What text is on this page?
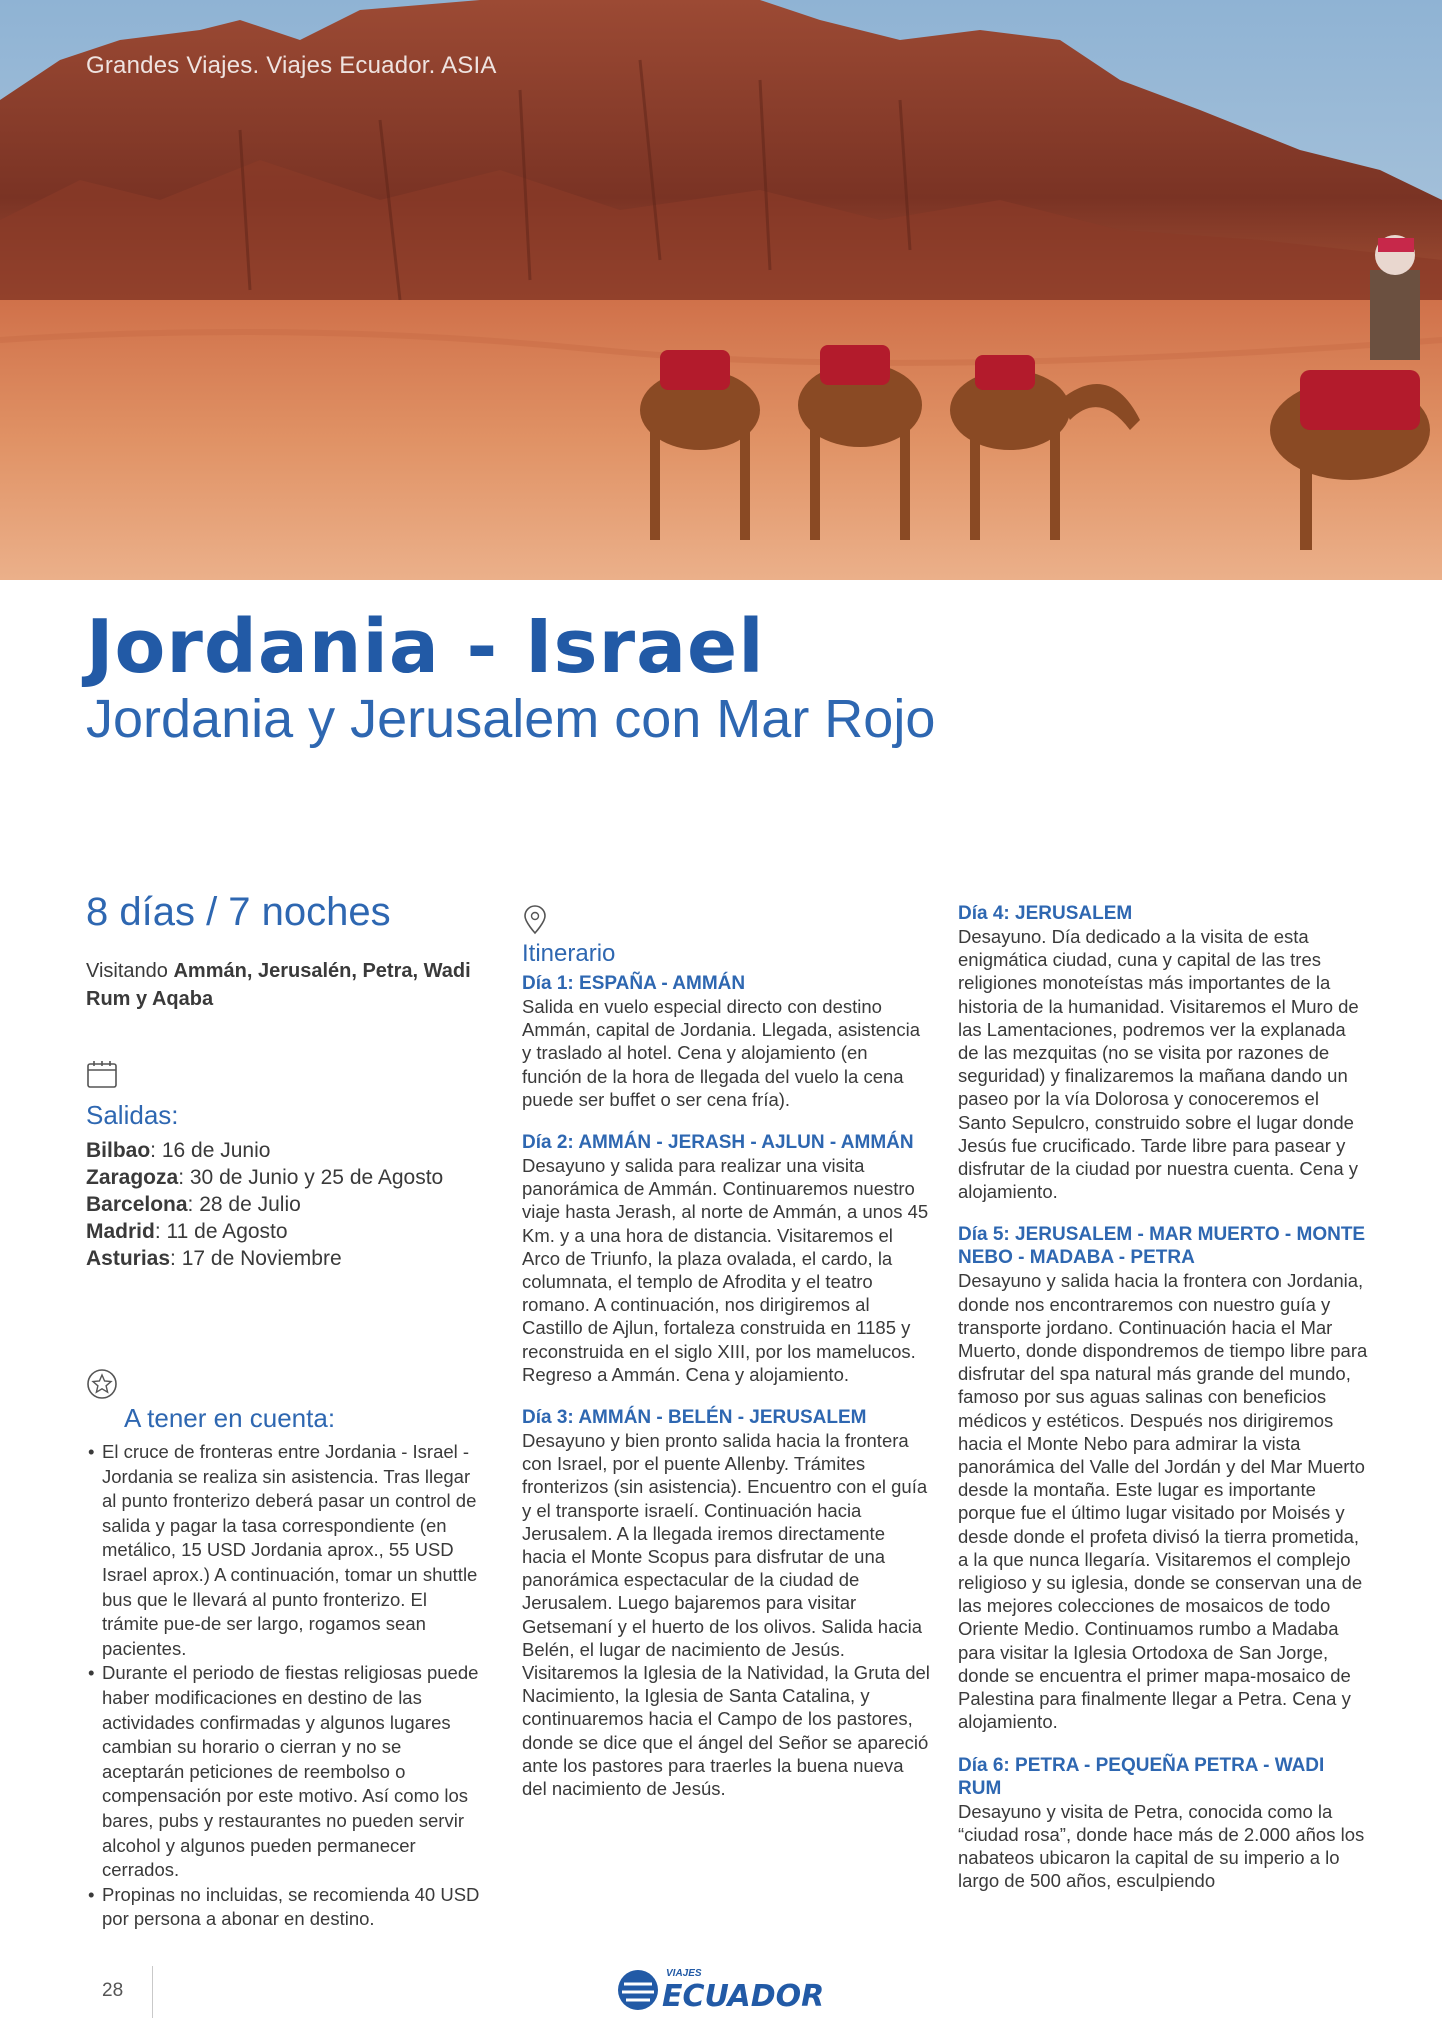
Grandes Viajes. Viajes Ecuador. ASIA
Jordania - Israel
Jordania y Jerusalem con Mar Rojo

8 días / 7 noches

Visitando Ammán, Jerusalén, Petra, Wadi Rum y Aqaba

Salidas:
Bilbao: 16 de Junio
Zaragoza: 30 de Junio y 25 de Agosto
Barcelona: 28 de Julio
Madrid: 11 de Agosto
Asturias: 17 de Noviembre
A tener en cuenta:
• El cruce de fronteras entre Jordania - Israel - Jordania se realiza sin asistencia. Tras llegar al punto fronterizo deberá pasar un control de salida y pagar la tasa correspondiente (en metálico, 15 USD Jordania aprox., 55 USD Israel aprox.) A continuación, tomar un shuttle bus que le llevará al punto fronterizo. El trámite pue-de ser largo, rogamos sean pacientes.
• Durante el periodo de fiestas religiosas puede haber modificaciones en destino de las actividades confirmadas y algunos lugares cambian su horario o cierran y no se aceptarán peticiones de reembolso o compensación por este motivo. Así como los bares, pubs y restaurantes no pueden servir alcohol y algunos pueden permanecer cerrados.
• Propinas no incluidas, se recomienda 40 USD por persona a abonar en destino.
Itinerario
Día 1: ESPAÑA - AMMÁN

Salida en vuelo especial directo con destino Ammán, capital de Jordania. Llegada, asistencia y traslado al hotel. Cena y alojamiento (en función de la hora de llegada del vuelo la cena puede ser buffet o ser cena fría).

Día 2: AMMÁN - JERASH - AJLUN - AMMÁN

Desayuno y salida para realizar una visita panorámica de Ammán. Continuaremos nuestro viaje hasta Jerash, al norte de Ammán, a unos 45 Km. y a una hora de distancia. Visitaremos el Arco de Triunfo, la plaza ovalada, el cardo, la columnata, el templo de Afrodita y el teatro romano. A continuación, nos dirigiremos al Castillo de Ajlun, fortaleza construida en 1185 y reconstruida en el siglo XIII, por los mamelucos. Regreso a Ammán. Cena y alojamiento.

Día 3: AMMÁN - BELÉN - JERUSALEM

Desayuno y bien pronto salida hacia la frontera con Israel, por el puente Allenby. Trámites fronterizos (sin asistencia). Encuentro con el guía y el transporte israelí. Continuación hacia Jerusalem. A la llegada iremos directamente hacia el Monte Scopus para disfrutar de una panorámica espectacular de la ciudad de Jerusalem. Luego bajaremos para visitar Getsemaní y el huerto de los olivos. Salida hacia Belén, el lugar de nacimiento de Jesús. Visitaremos la Iglesia de la Natividad, la Gruta del Nacimiento, la Iglesia de Santa Catalina, y continuaremos hacia el Campo de los pastores, donde se dice que el ángel del Señor se apareció ante los pastores para traerles la buena nueva del nacimiento de Jesús.

Día 4: JERUSALEM

Desayuno. Día dedicado a la visita de esta enigmática ciudad, cuna y capital de las tres religiones monoteístas más importantes de la historia de la humanidad. Visitaremos el Muro de las Lamentaciones, podremos ver la explanada de las mezquitas (no se visita por razones de seguridad) y finalizaremos la mañana dando un paseo por la vía Dolorosa y conoceremos el Santo Sepulcro, construido sobre el lugar donde Jesús fue crucificado. Tarde libre para pasear y disfrutar de la ciudad por nuestra cuenta. Cena y alojamiento.

Día 5: JERUSALEM - MAR MUERTO - MONTE NEBO - MADABA - PETRA

Desayuno y salida hacia la frontera con Jordania, donde nos encontraremos con nuestro guía y transporte jordano. Continuación hacia el Mar Muerto, donde dispondremos de tiempo libre para disfrutar del spa natural más grande del mundo, famoso por sus aguas salinas con beneficios médicos y estéticos. Después nos dirigiremos hacia el Monte Nebo para admirar la vista panorámica del Valle del Jordán y del Mar Muerto desde la montaña. Este lugar es importante porque fue el último lugar visitado por Moisés y desde donde el profeta divisó la tierra prometida, a la que nunca llegaría. Visitaremos el complejo religioso y su iglesia, donde se conservan una de las mejores colecciones de mosaicos de todo Oriente Medio. Continuamos rumbo a Madaba para visitar la Iglesia Ortodoxa de San Jorge, donde se encuentra el primer mapa-mosaico de Palestina para finalmente llegar a Petra. Cena y alojamiento.

Día 6: PETRA - PEQUEÑA PETRA - WADI RUM

Desayuno y visita de Petra, conocida como la “ciudad rosa”, donde hace más de 2.000 años los nabateos ubicaron la capital de su imperio a lo largo de 500 años, esculpiendo

28
VIAJES
ECUADOR
